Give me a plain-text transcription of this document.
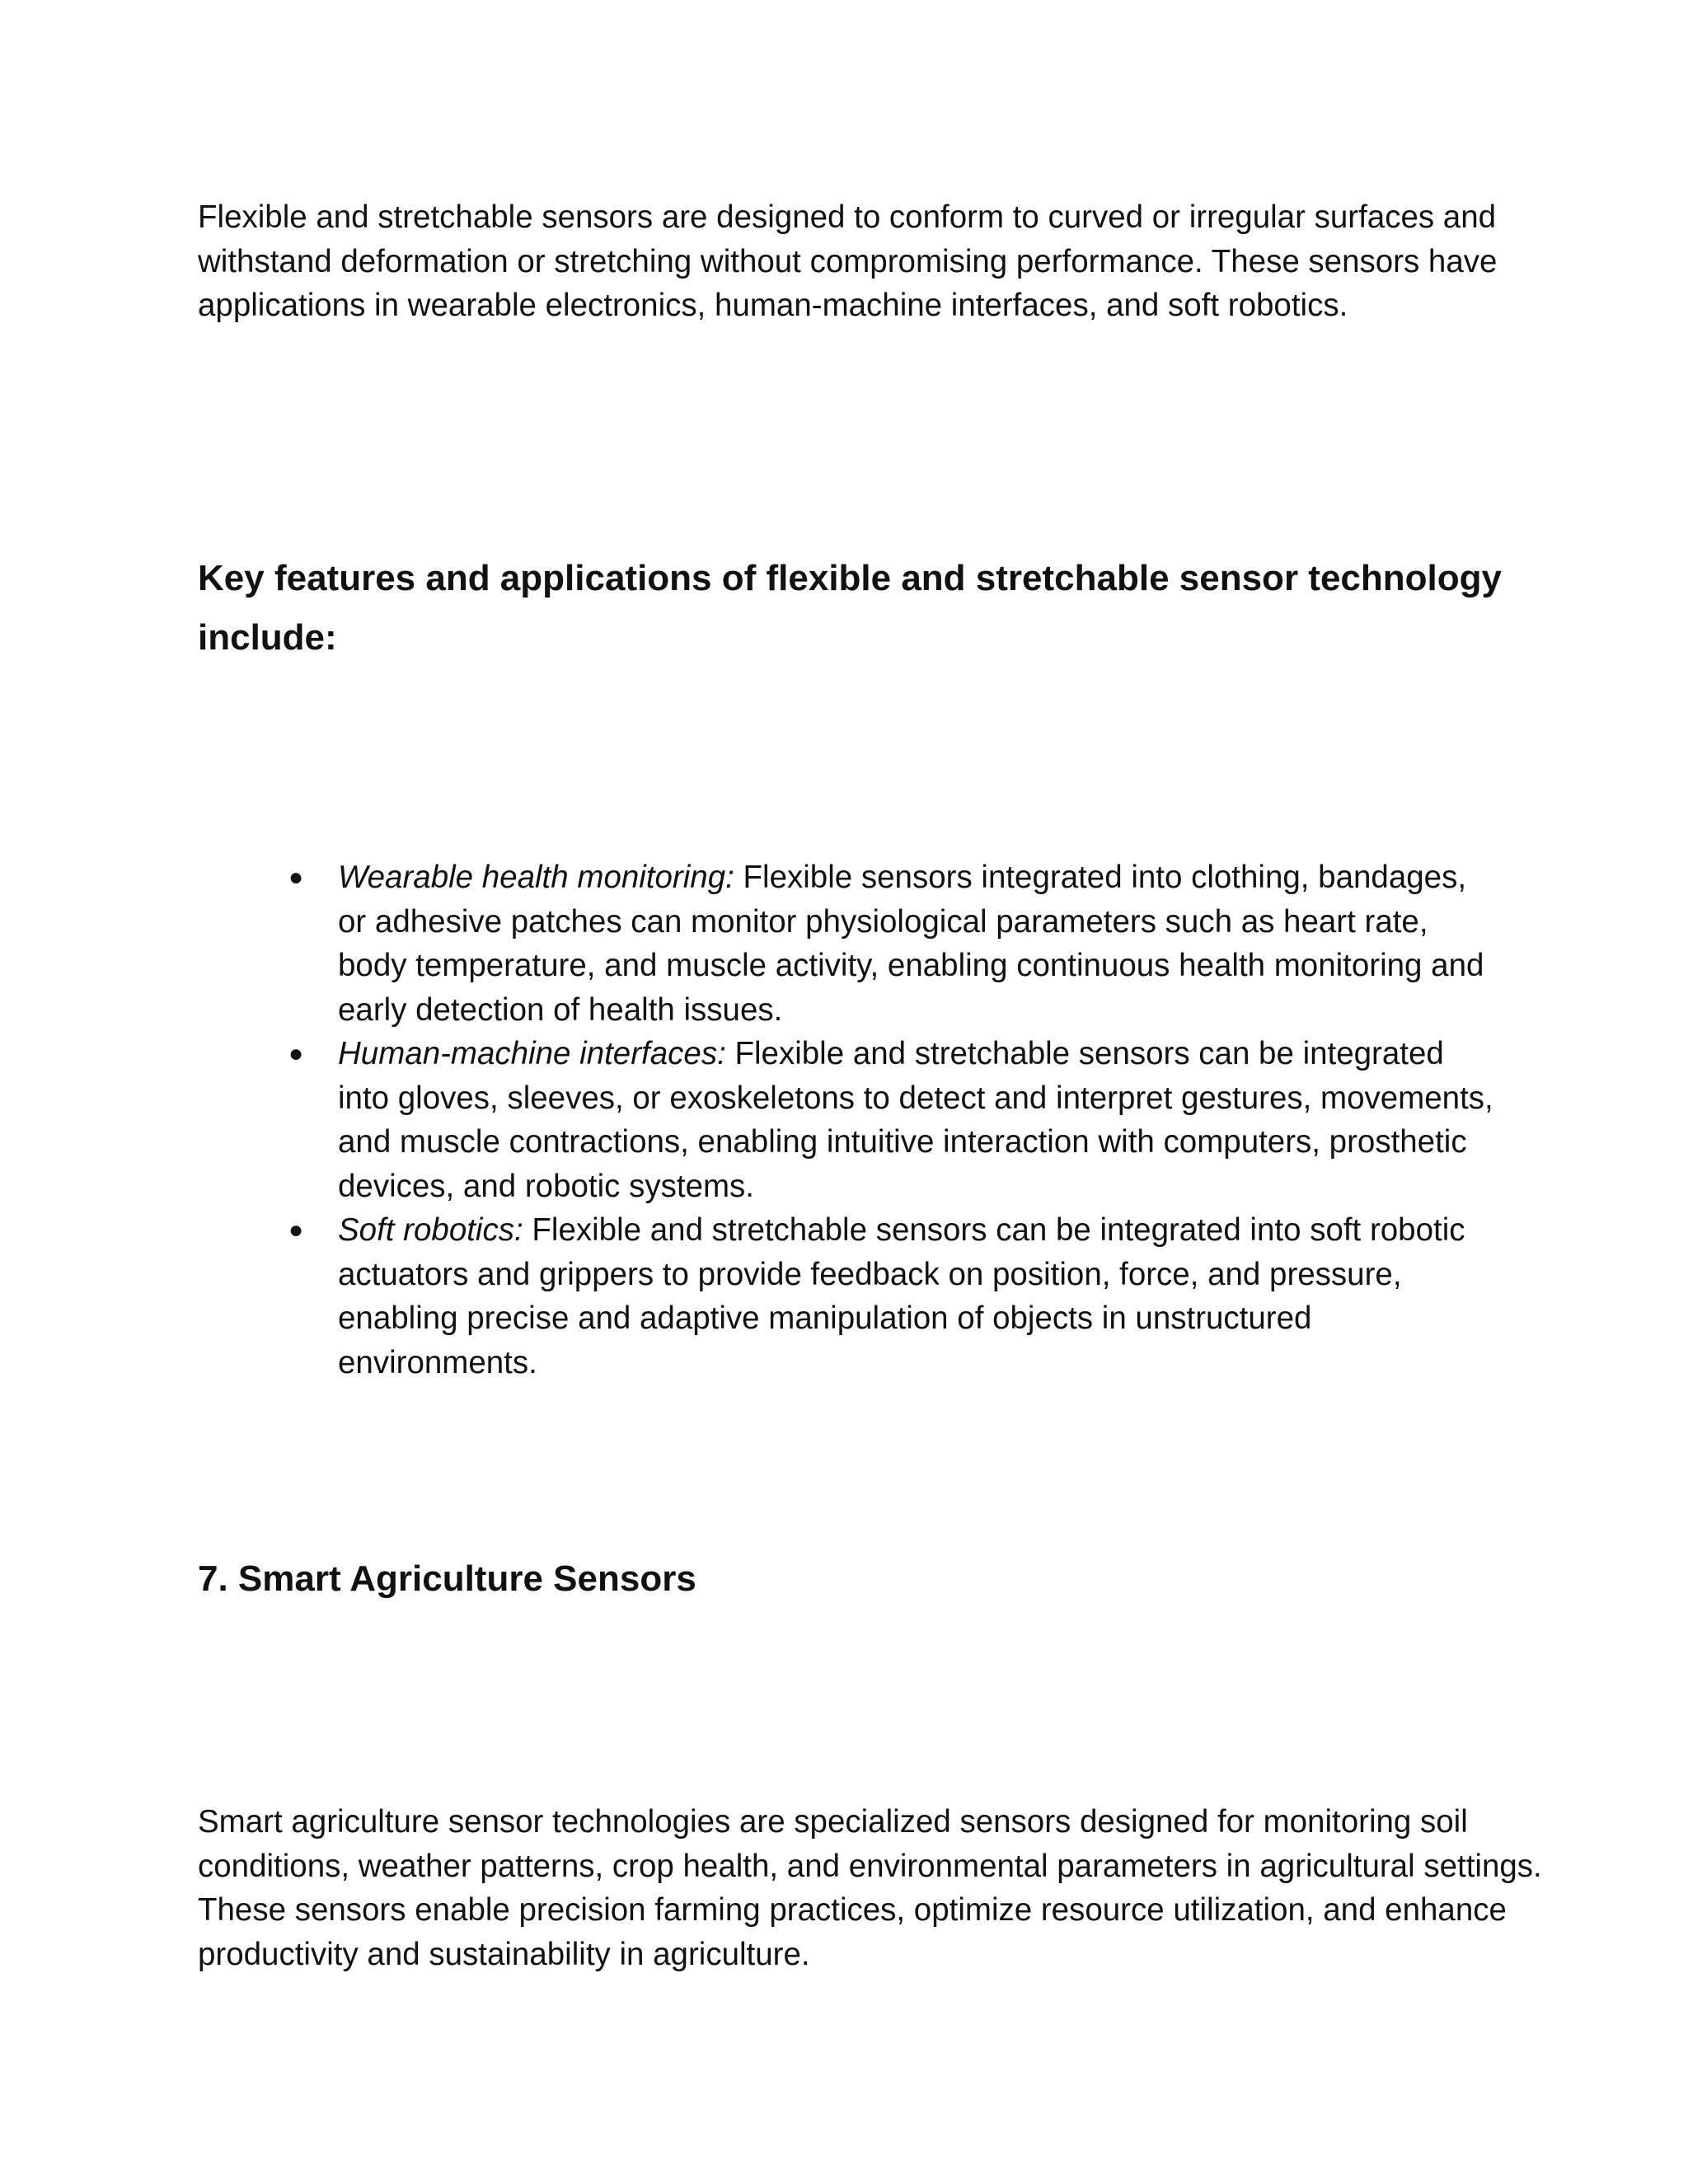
Flexible and stretchable sensors are designed to conform to curved or irregular surfaces and withstand deformation or stretching without compromising performance. These sensors have applications in wearable electronics, human-machine interfaces, and soft robotics.

Key features and applications of flexible and stretchable sensor technology include:
● Wearable health monitoring: Flexible sensors integrated into clothing, bandages, or adhesive patches can monitor physiological parameters such as heart rate, body temperature, and muscle activity, enabling continuous health monitoring and early detection of health issues.
● Human-machine interfaces: Flexible and stretchable sensors can be integrated into gloves, sleeves, or exoskeletons to detect and interpret gestures, movements, and muscle contractions, enabling intuitive interaction with computers, prosthetic devices, and robotic systems.
● Soft robotics: Flexible and stretchable sensors can be integrated into soft robotic actuators and grippers to provide feedback on position, force, and pressure, enabling precise and adaptive manipulation of objects in unstructured environments.
7. Smart Agriculture Sensors

Smart agriculture sensor technologies are specialized sensors designed for monitoring soil conditions, weather patterns, crop health, and environmental parameters in agricultural settings. These sensors enable precision farming practices, optimize resource utilization, and enhance productivity and sustainability in agriculture.
